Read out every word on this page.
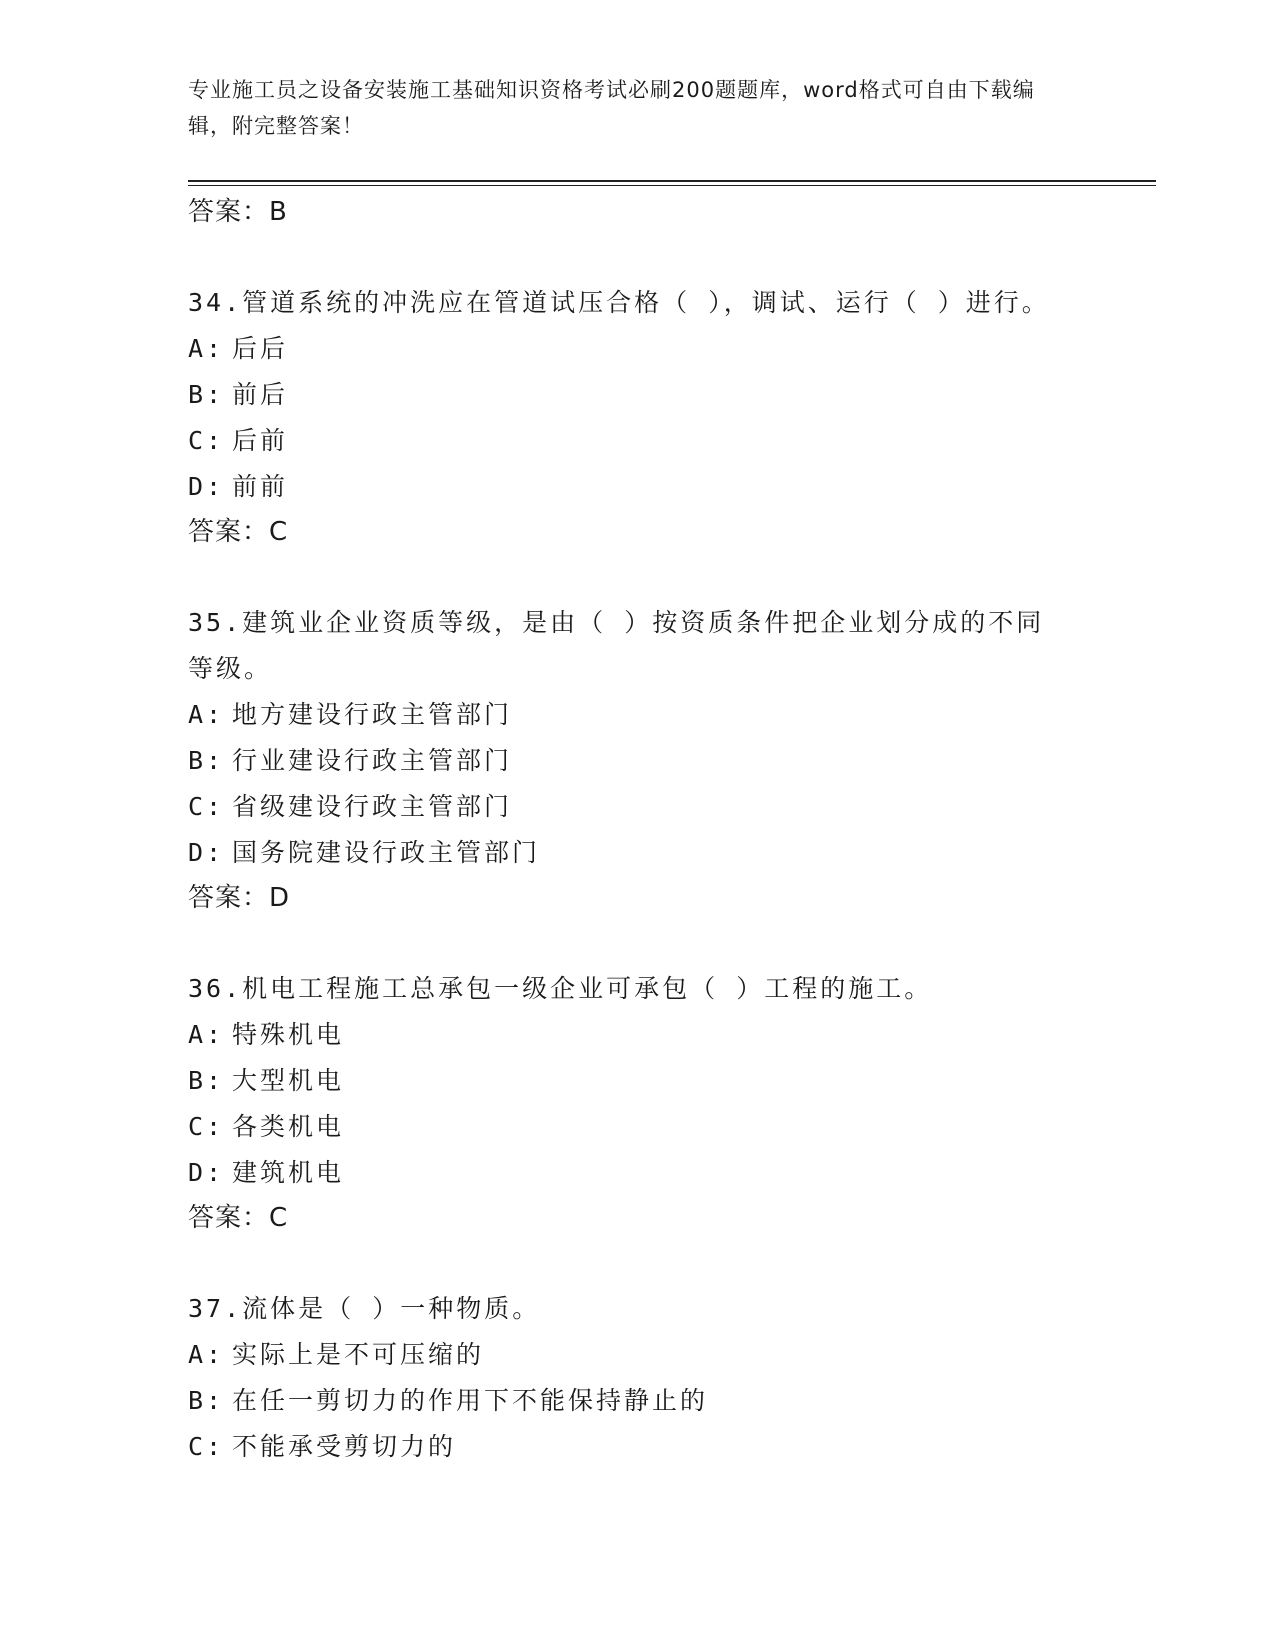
专业施工员之设备安装施工基础知识资格考试必刷200题题库，word格式可自由下载编辑，附完整答案！
答案：B
34.管道系统的冲洗应在管道试压合格（ ），调试、运行（ ）进行。
A: 后后
B: 前后
C: 后前
D: 前前
答案：C
35.建筑业企业资质等级，是由（ ）按资质条件把企业划分成的不同等级。
A: 地方建设行政主管部门
B: 行业建设行政主管部门
C: 省级建设行政主管部门
D: 国务院建设行政主管部门
答案：D
36.机电工程施工总承包一级企业可承包（ ）工程的施工。
A: 特殊机电
B: 大型机电
C: 各类机电
D: 建筑机电
答案：C
37.流体是（ ）一种物质。
A: 实际上是不可压缩的
B: 在任一剪切力的作用下不能保持静止的
C: 不能承受剪切力的
